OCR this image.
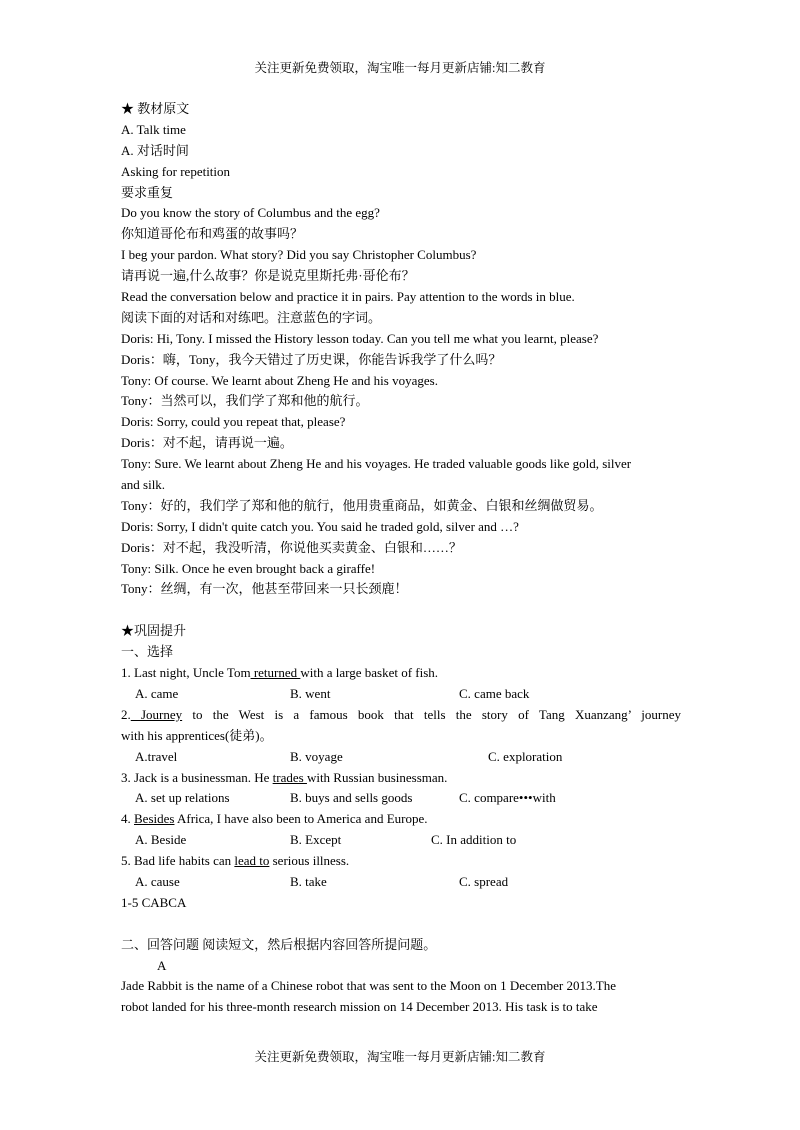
关注更新免费领取，淘宝唯一每月更新店铺:知二教育
★ 教材原文
A. Talk time
A. 对话时间
Asking for repetition
要求重复
Do you know the story of Columbus and the egg?
你知道哥伦布和鸡蛋的故事吗？
I beg your pardon. What story? Did you say Christopher Columbus?
请再说一遍,什么故事？你是说克里斯托弗·哥伦布？
Read the conversation below and practice it in pairs. Pay attention to the words in blue.
阅读下面的对话和对练吧。注意蓝色的字词。
Doris: Hi, Tony. I missed the History lesson today. Can you tell me what you learnt, please?
Doris：嗨，Tony，我今天错过了历史课，你能告诉我学了什么吗？
Tony: Of course. We learnt about Zheng He and his voyages.
Tony：当然可以，我们学了郑和他的航行。
Doris: Sorry, could you repeat that, please?
Doris：对不起，请再说一遍。
Tony: Sure. We learnt about Zheng He and his voyages. He traded valuable goods like gold, silver
and silk.
Tony：好的，我们学了郑和他的航行，他用贵重商品，如黄金、白银和丝绸做贸易。
Doris: Sorry, I didn't quite catch you. You said he traded gold, silver and …?
Doris：对不起，我没听清，你说他买卖黄金、白银和……？
Tony: Silk. Once he even brought back a giraffe!
Tony：丝绸，有一次，他甚至带回来一只长颈鹿！
★巩固提升
一、选择
1. Last night, Uncle Tom returned with a large basket of fish.
A. came	B. went	C. came back
2. Journey to the West is a famous book that tells the story of Tang Xuanzang’ journey
with his apprentices(徒弟)。
A.travel	B. voyage	C. exploration
3. Jack is a businessman. He trades with Russian businessman.
A. set up relations	B. buys and sells goods	C. compare•••with
4. Besides Africa, I have also been to America and Europe.
A. Beside	B. Except	C. In addition to
5. Bad life habits can lead to serious illness.
A. cause	B. take	C. spread
1-5 CABCA
二、回答问题 阅读短文，然后根据内容回答所提问题。
A
Jade Rabbit is the name of a Chinese robot that was sent to the Moon on 1 December 2013.The
robot landed for his three-month research mission on 14 December 2013. His task is to take
关注更新免费领取，淘宝唯一每月更新店铺:知二教育
